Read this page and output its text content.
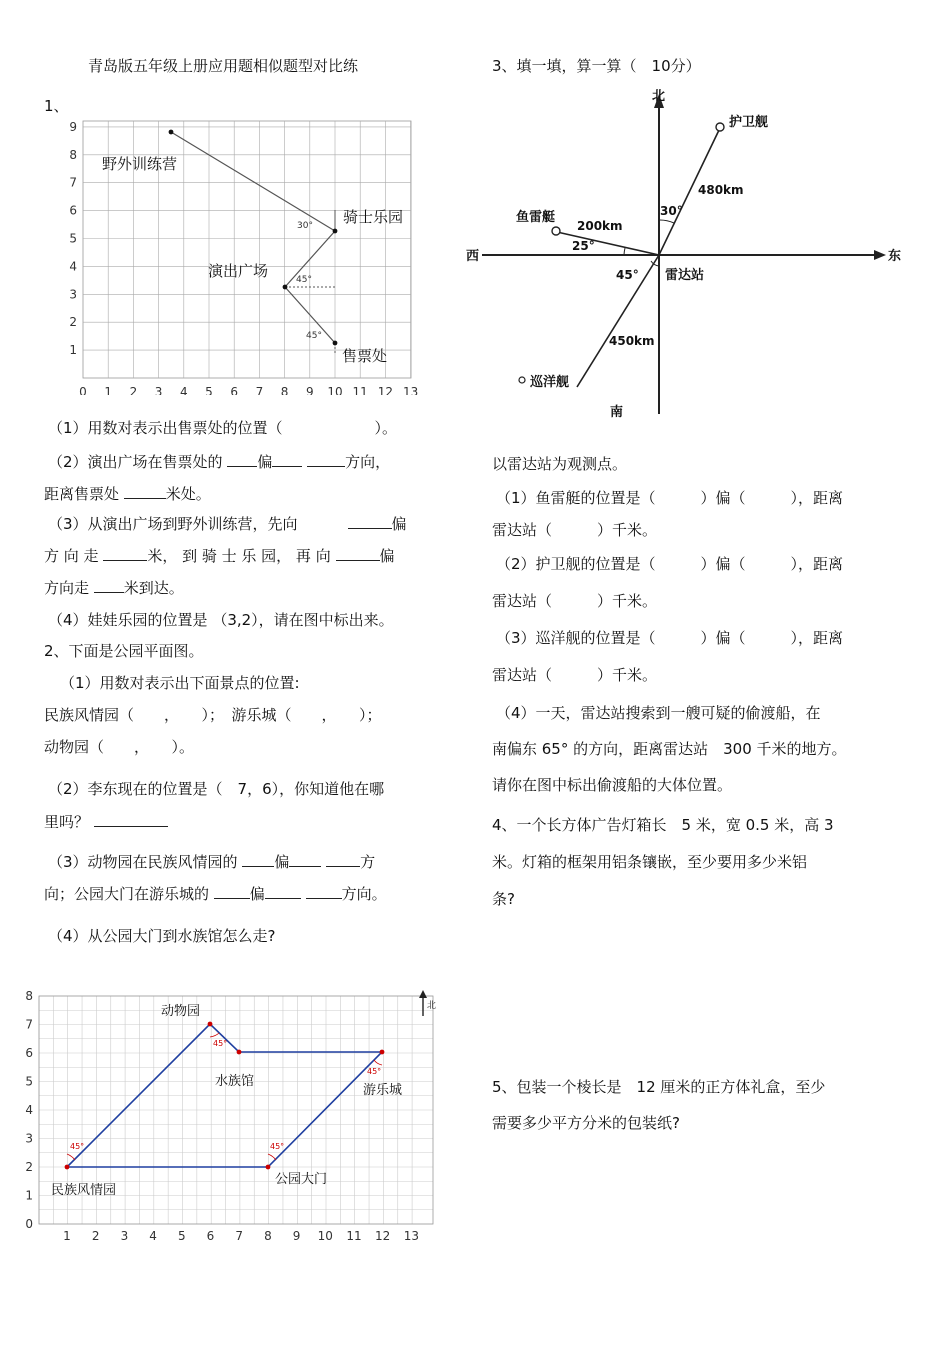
青岛版五年级上册应用题相似题型对比练
1、
0 1 2 3 4 5 6 7 8 9 10 11 12 13
1
2
3
4
5
6
7
8
9
野外训练营
骑士乐园
演出广场
售票处
30°
45°
45°
（1）用数对表示出售票处的位置（	）。
（2）演出广场在售票处的 偏	方向，
距离售票处	米处。
（3）从演出广场到野外训练营，先向	偏
方 向 走	米， 到 骑 士 乐 园， 再 向	偏
方向走 米到达。
（4）娃娃乐园的位置是 （3,2），请在图中标出来。
2、下面是公园平面图。
（1）用数对表示出下面景点的位置:
民族风情园（　　，　　）；　游乐城（　　，　　）；
动物园（　　，　　）。
（2）李东现在的位置是（　7，6），你知道他在哪
里吗？
（3）动物园在民族风情园的 偏	方
向；公园大门在游乐城的	偏	方向。
（4）从公园大门到水族馆怎么走?
1 2 3 4 5 6 7 8 9 10 11 12 13
0
1
2
3
4
5
6
7
8
45°
45°
45°
45°
动物园
水族馆
游乐城
民族风情园
公园大门
北
3、填一填，算一算（　10分）
北
南
东
西
护卫舰
鱼雷艇
巡洋舰
雷达站
480km
200km
450km
30°
25°
45°
以雷达站为观测点。
（1）鱼雷艇的位置是（　　　）偏（　　　），距离
雷达站（　　　）千米。
（2）护卫舰的位置是（　　　）偏（　　　），距离
雷达站（　　　）千米。
（3）巡洋舰的位置是（　　　）偏（　　　），距离
雷达站（　　　）千米。
（4）一天，雷达站搜索到一艘可疑的偷渡船，在
南偏东 65° 的方向，距离雷达站　300 千米的地方。
请你在图中标出偷渡船的大体位置。
4、一个长方体广告灯箱长　5 米，宽 0.5 米，高 3
米。灯箱的框架用铝条镶嵌，至少要用多少米铝
条?
5、包装一个棱长是　12 厘米的正方体礼盒，至少
需要多少平方分米的包装纸?
